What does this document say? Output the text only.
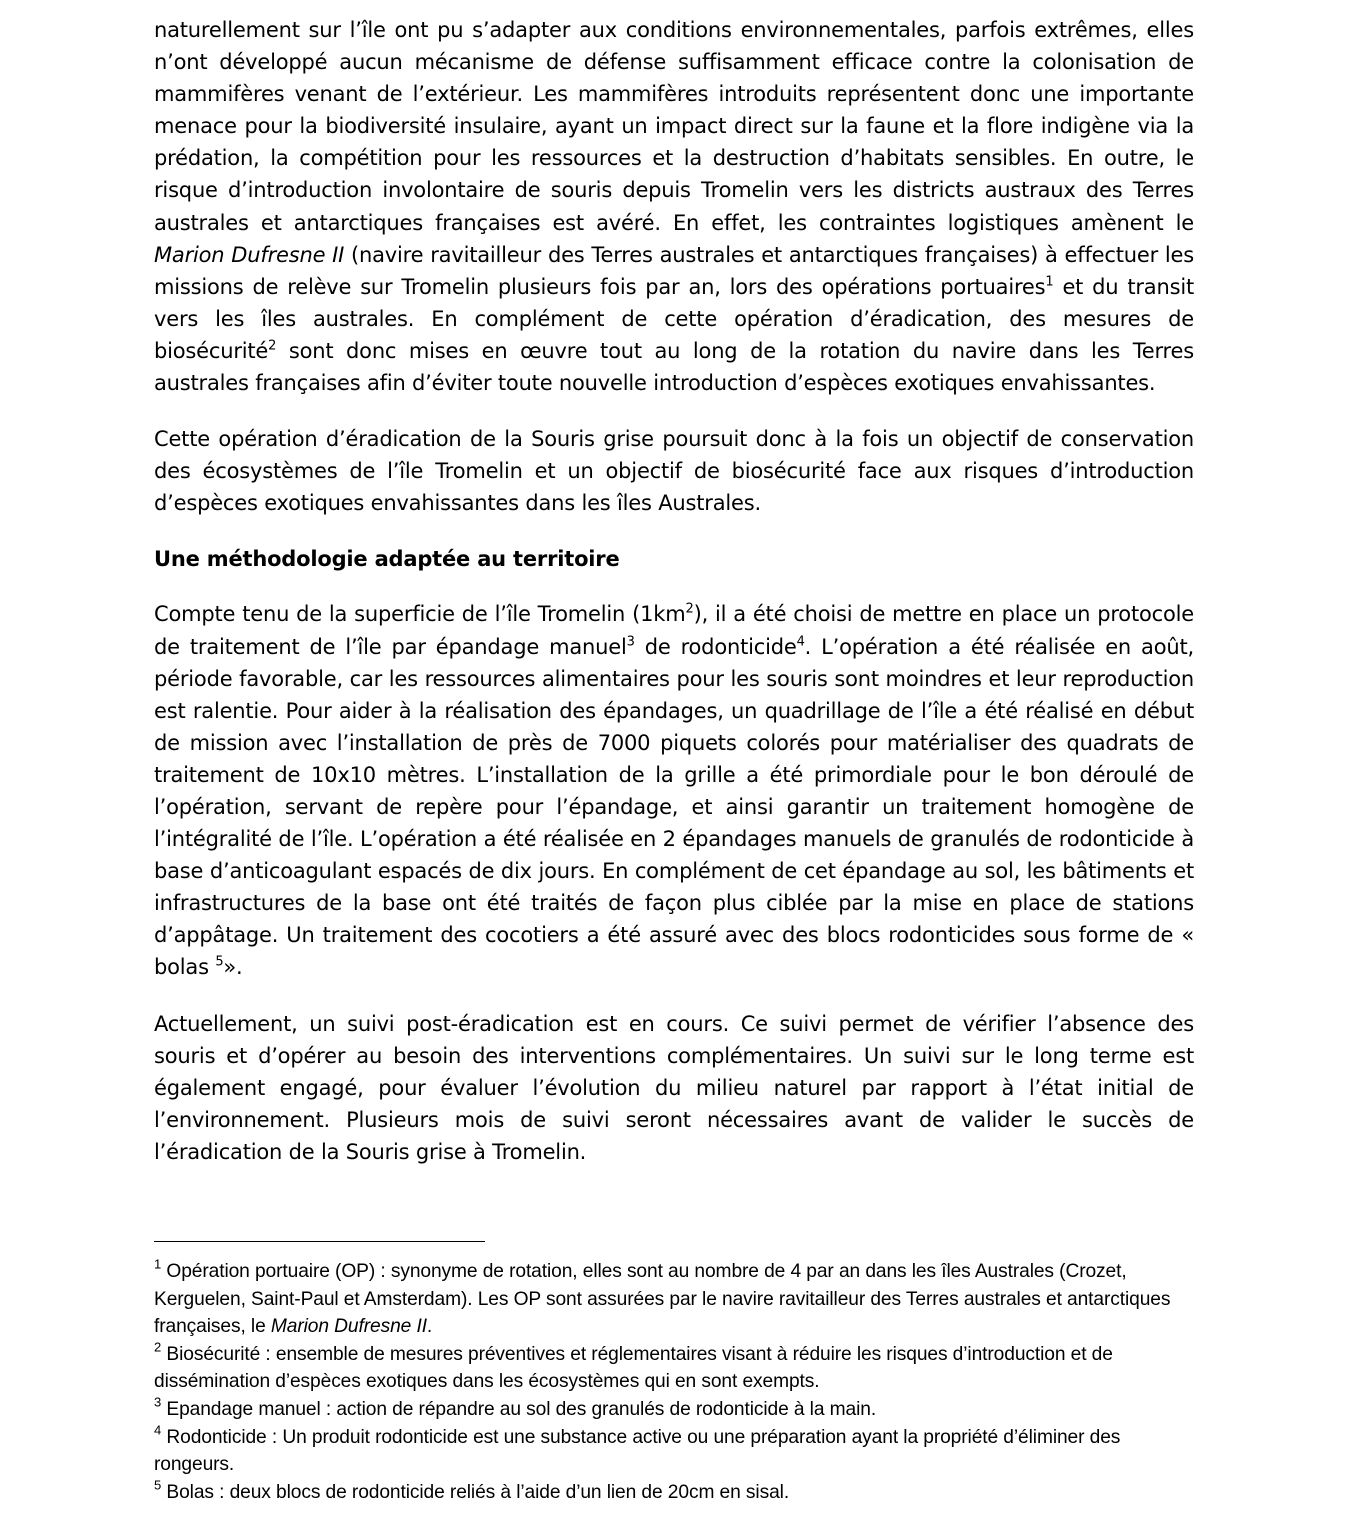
naturellement sur l’île ont pu s’adapter aux conditions environnementales, parfois extrêmes, elles n’ont développé aucun mécanisme de défense suffisamment efficace contre la colonisation de mammifères venant de l’extérieur. Les mammifères introduits représentent donc une importante menace pour la biodiversité insulaire, ayant un impact direct sur la faune et la flore indigène via la prédation, la compétition pour les ressources et la destruction d’habitats sensibles. En outre, le risque d’introduction involontaire de souris depuis Tromelin vers les districts austraux des Terres australes et antarctiques françaises est avéré. En effet, les contraintes logistiques amènent le Marion Dufresne II (navire ravitailleur des Terres australes et antarctiques françaises) à effectuer les missions de relève sur Tromelin plusieurs fois par an, lors des opérations portuaires$^1$ et du transit vers les îles australes. En complément de cette opération d’éradication, des mesures de biosécurité$^2$ sont donc mises en œuvre tout au long de la rotation du navire dans les Terres australes françaises afin d’éviter toute nouvelle introduction d’espèces exotiques envahissantes.

Cette opération d’éradication de la Souris grise poursuit donc à la fois un objectif de conservation des écosystèmes de l’île Tromelin et un objectif de biosécurité face aux risques d’introduction d’espèces exotiques envahissantes dans les îles Australes.

Une méthodologie adaptée au territoire

Compte tenu de la superficie de l’île Tromelin $(1km^2)$, il a été choisi de mettre en place un protocole de traitement de l’île par épandage manuel$^3$ de rodonticide$^4$. L’opération a été réalisée en août, période favorable, car les ressources alimentaires pour les souris sont moindres et leur reproduction est ralentie. Pour aider à la réalisation des épandages, un quadrillage de l’île a été réalisé en début de mission avec l’installation de près de 7000 piquets colorés pour matérialiser des quadrats de traitement de 10x10 mètres. L’installation de la grille a été primordiale pour le bon déroulé de l’opération, servant de repère pour l’épandage, et ainsi garantir un traitement homogène de l’intégralité de l’île. L’opération a été réalisée en 2 épandages manuels de granulés de rodonticide à base d’anticoagulant espacés de dix jours. En complément de cet épandage au sol, les bâtiments et infrastructures de la base ont été traités de façon plus ciblée par la mise en place de stations d’appâtage. Un traitement des cocotiers a été assuré avec des blocs rodonticides sous forme de « bolas $^5$».

Actuellement, un suivi post-éradication est en cours. Ce suivi permet de vérifier l’absence des souris et d’opérer au besoin des interventions complémentaires. Un suivi sur le long terme est également engagé, pour évaluer l’évolution du milieu naturel par rapport à l’état initial de l’environnement. Plusieurs mois de suivi seront nécessaires avant de valider le succès de l’éradication de la Souris grise à Tromelin.

$^1$ Opération portuaire (OP) : synonyme de rotation, elles sont au nombre de 4 par an dans les îles Australes (Crozet, Kerguelen, Saint-Paul et Amsterdam). Les OP sont assurées par le navire ravitailleur des Terres australes et antarctiques françaises, le Marion Dufresne II.

$^2$ Biosécurité : ensemble de mesures préventives et réglementaires visant à réduire les risques d’introduction et de dissémination d’espèces exotiques dans les écosystèmes qui en sont exempts.

$^3$ Epandage manuel : action de répandre au sol des granulés de rodonticide à la main.

$^4$ Rodonticide : Un produit rodonticide est une substance active ou une préparation ayant la propriété d’éliminer des rongeurs.

$^5$ Bolas : deux blocs de rodonticide reliés à l’aide d’un lien de 20cm en sisal.
